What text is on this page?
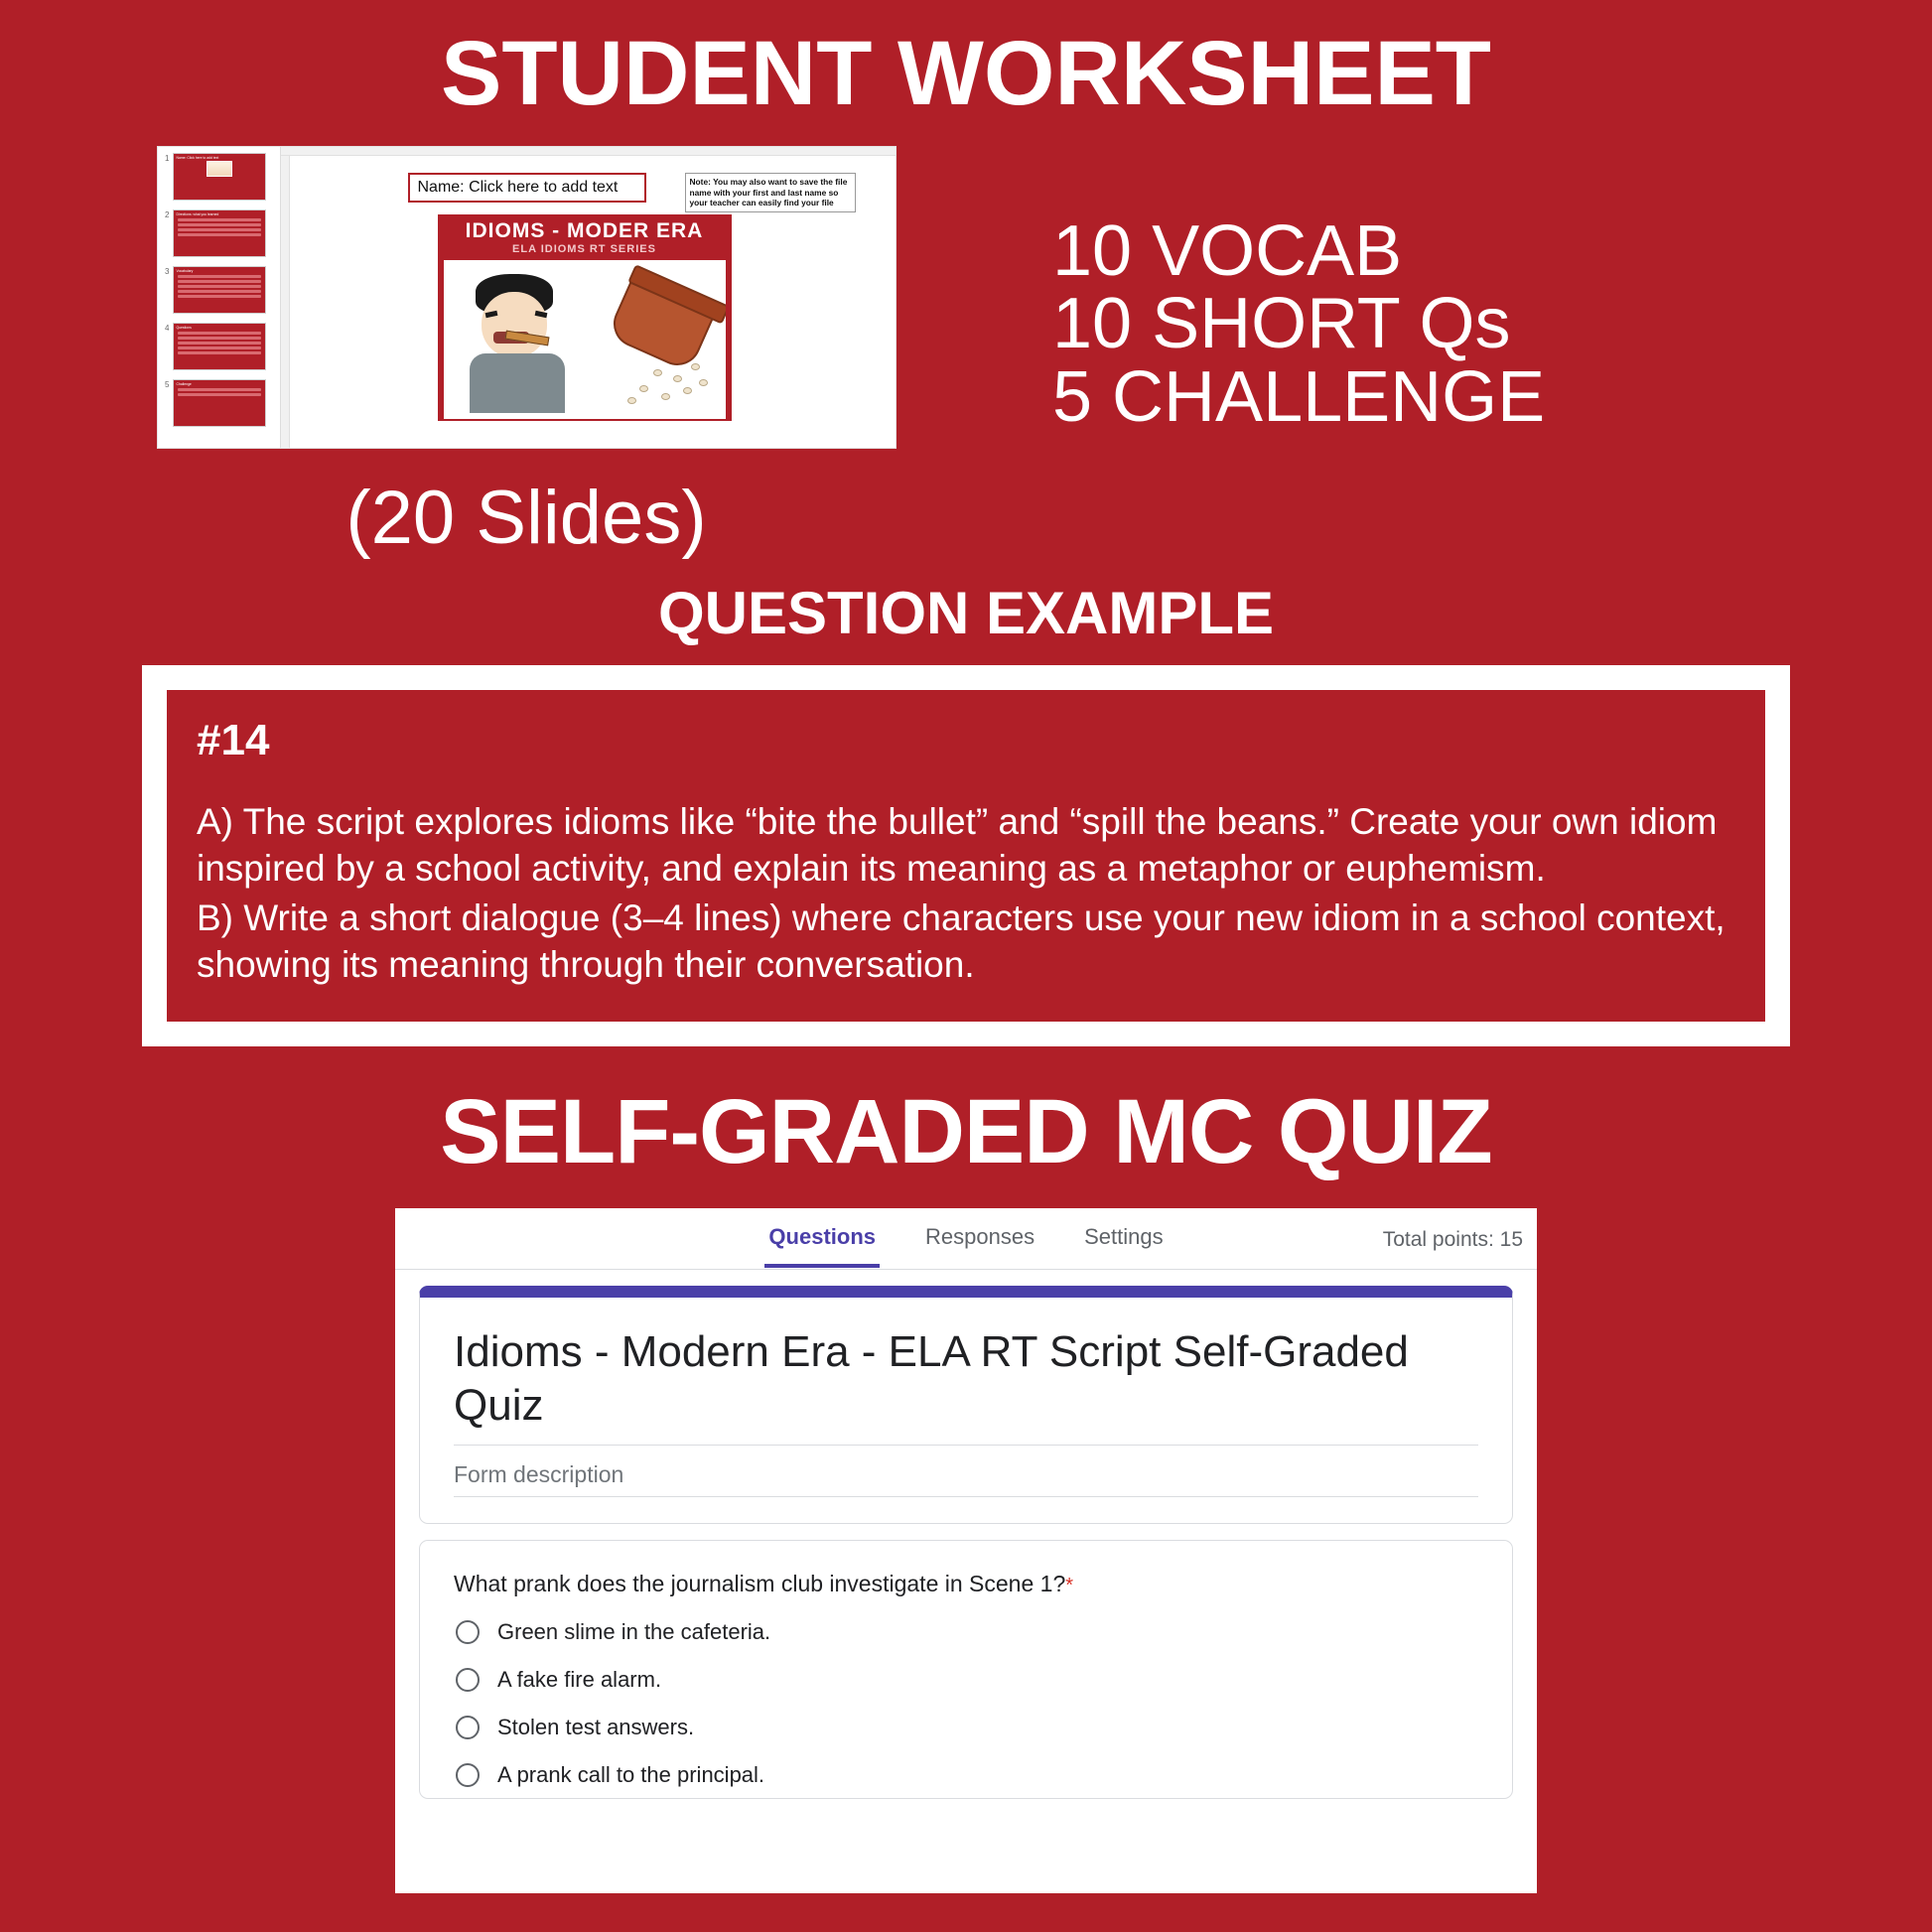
STUDENT WORKSHEET
1	Name: Click here to add text
2	Directions: what you learned
3	Vocabulary
4	Questions
5	Challenge
Name: Click here to add text	Note: You may also want to save the file name with your first and last name so your teacher can easily find your file
IDIOMS - MODER ERA
ELA IDIOMS RT SERIES
(20 Slides)
10 VOCAB
10 SHORT Qs
5 CHALLENGE
QUESTION EXAMPLE
#14
A) The script explores idioms like “bite the bullet” and “spill the beans.” Create your own idiom inspired by a school activity, and explain its meaning as a metaphor or euphemism.
B) Write a short dialogue (3–4 lines) where characters use your new idiom in a school context, showing its meaning through their conversation.
SELF-GRADED MC QUIZ
Questions Responses Settings	Total points: 15
Idioms - Modern Era - ELA RT Script Self-Graded Quiz
Form description
What prank does the journalism club investigate in Scene 1?*
Green slime in the cafeteria.
A fake fire alarm.
Stolen test answers.
A prank call to the principal.
